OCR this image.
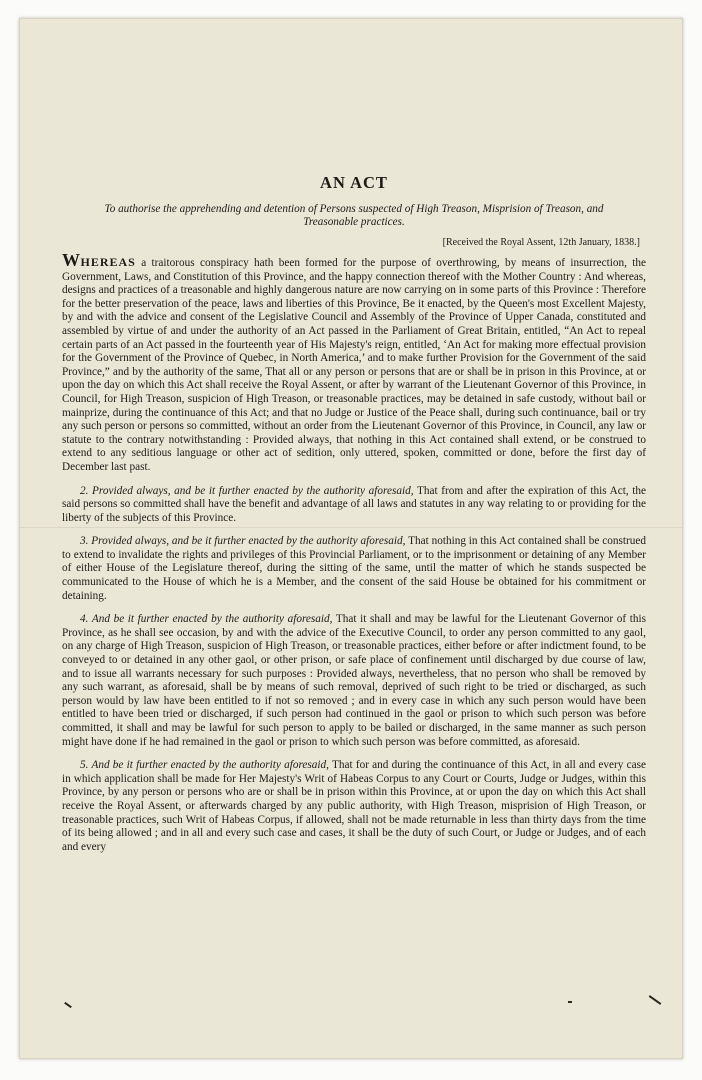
AN ACT
To authorise the apprehending and detention of Persons suspected of High Treason, Misprision of Treason, and Treasonable practices.
[Received the Royal Assent, 12th January, 1838.]

WHEREAS a traitorous conspiracy hath been formed for the purpose of overthrowing, by means of insurrection, the Government, Laws, and Constitution of this Province, and the happy connection thereof with the Mother Country : And whereas, designs and practices of a treasonable and highly dangerous nature are now carrying on in some parts of this Province : Therefore for the better preservation of the peace, laws and liberties of this Province, Be it enacted, by the Queen's most Excellent Majesty, by and with the advice and consent of the Legislative Council and Assembly of the Province of Upper Canada, constituted and assembled by virtue of and under the authority of an Act passed in the Parliament of Great Britain, entitled, “An Act to repeal certain parts of an Act passed in the fourteenth year of His Majesty's reign, entitled, ‘An Act for making more effectual provision for the Government of the Province of Quebec, in North America,’ and to make further Provision for the Government of the said Province,” and by the authority of the same, That all or any person or persons that are or shall be in prison in this Province, at or upon the day on which this Act shall receive the Royal Assent, or after by warrant of the Lieutenant Governor of this Province, in Council, for High Treason, suspicion of High Treason, or treasonable practices, may be detained in safe custody, without bail or mainprize, during the continuance of this Act; and that no Judge or Justice of the Peace shall, during such continuance, bail or try any such person or persons so committed, without an order from the Lieutenant Governor of this Province, in Council, any law or statute to the contrary notwithstanding : Provided always, that nothing in this Act contained shall extend, or be construed to extend to any seditious language or other act of sedition, only uttered, spoken, committed or done, before the first day of December last past.

2. Provided always, and be it further enacted by the authority aforesaid, That from and after the expiration of this Act, the said persons so committed shall have the benefit and advantage of all laws and statutes in any way relating to or providing for the liberty of the subjects of this Province.

3. Provided always, and be it further enacted by the authority aforesaid, That nothing in this Act contained shall be construed to extend to invalidate the rights and privileges of this Provincial Parliament, or to the imprisonment or detaining of any Member of either House of the Legislature thereof, during the sitting of the same, until the matter of which he stands suspected be communicated to the House of which he is a Member, and the consent of the said House be obtained for his commitment or detaining.

4. And be it further enacted by the authority aforesaid, That it shall and may be lawful for the Lieutenant Governor of this Province, as he shall see occasion, by and with the advice of the Executive Council, to order any person committed to any gaol, on any charge of High Treason, suspicion of High Treason, or treasonable practices, either before or after indictment found, to be conveyed to or detained in any other gaol, or other prison, or safe place of confinement until discharged by due course of law, and to issue all warrants necessary for such purposes : Provided always, nevertheless, that no person who shall be removed by any such warrant, as aforesaid, shall be by means of such removal, deprived of such right to be tried or discharged, as such person would by law have been entitled to if not so removed ; and in every case in which any such person would have been entitled to have been tried or discharged, if such person had continued in the gaol or prison to which such person was before committed, it shall and may be lawful for such person to apply to be bailed or discharged, in the same manner as such person might have done if he had remained in the gaol or prison to which such person was before committed, as aforesaid.

5. And be it further enacted by the authority aforesaid, That for and during the continuance of this Act, in all and every case in which application shall be made for Her Majesty's Writ of Habeas Corpus to any Court or Courts, Judge or Judges, within this Province, by any person or persons who are or shall be in prison within this Province, at or upon the day on which this Act shall receive the Royal Assent, or afterwards charged by any public authority, with High Treason, misprision of High Treason, or treasonable practices, such Writ of Habeas Corpus, if allowed, shall not be made returnable in less than thirty days from the time of its being allowed ; and in all and every such case and cases, it shall be the duty of such Court, or Judge or Judges, and of each and every
